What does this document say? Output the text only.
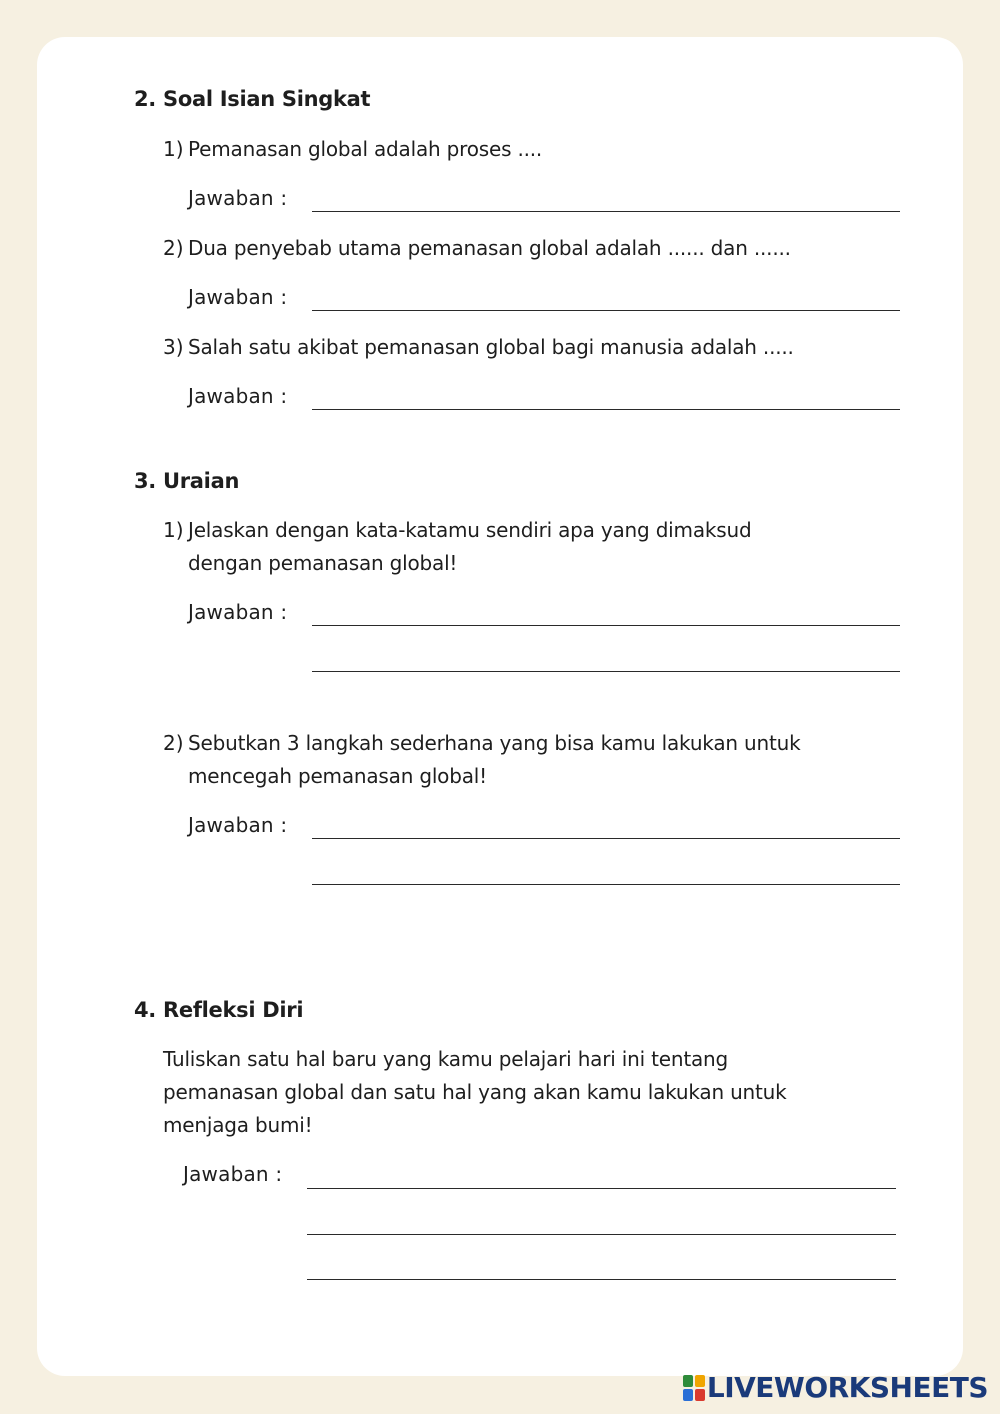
2. Soal Isian Singkat
1) Pemanasan global adalah proses ....
Jawaban :
2) Dua penyebab utama pemanasan global adalah ...... dan ......
Jawaban :
3) Salah satu akibat pemanasan global bagi manusia adalah .....
Jawaban :
3. Uraian
1) Jelaskan dengan kata-katamu sendiri apa yang dimaksud
dengan pemanasan global!
Jawaban :
2) Sebutkan 3 langkah sederhana yang bisa kamu lakukan untuk
mencegah pemanasan global!
Jawaban :
4. Refleksi Diri
Tuliskan satu hal baru yang kamu pelajari hari ini tentang
pemanasan global dan satu hal yang akan kamu lakukan untuk
menjaga bumi!
Jawaban :
LIVEWORKSHEETS
